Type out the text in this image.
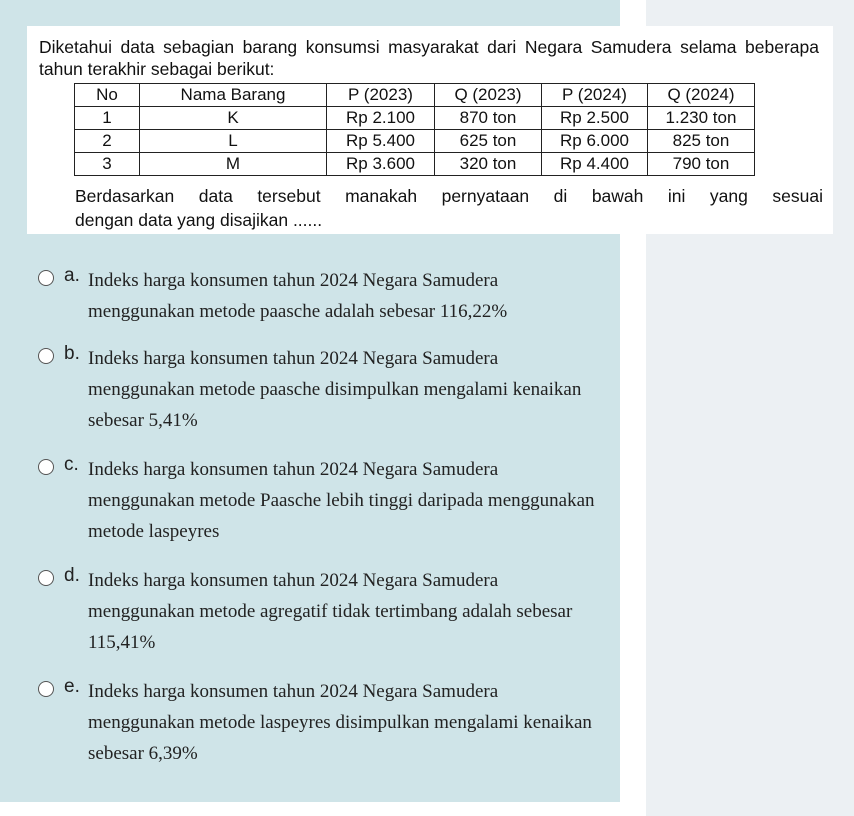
Diketahui data sebagian barang konsumsi masyarakat dari Negara Samudera selama beberapa tahun terakhir sebagai berikut:
No	Nama Barang	P (2023)	Q (2023)	P (2024)	Q (2024)
1	K	Rp 2.100	870 ton	Rp 2.500	1.230 ton
2	L	Rp 5.400	625 ton	Rp 6.000	825 ton
3	M	Rp 3.600	320 ton	Rp 4.400	790 ton
Berdasarkan data tersebut manakah pernyataan di bawah ini yang sesuai
dengan data yang disajikan ......
a. Indeks harga konsumen tahun 2024 Negara Samudera menggunakan metode paasche adalah sebesar 116,22%
b. Indeks harga konsumen tahun 2024 Negara Samudera menggunakan metode paasche disimpulkan mengalami kenaikan sebesar 5,41%
c. Indeks harga konsumen tahun 2024 Negara Samudera menggunakan metode Paasche lebih tinggi daripada menggunakan metode laspeyres
d. Indeks harga konsumen tahun 2024 Negara Samudera menggunakan metode agregatif tidak tertimbang adalah sebesar 115,41%
e. Indeks harga konsumen tahun 2024 Negara Samudera menggunakan metode laspeyres disimpulkan mengalami kenaikan sebesar 6,39%
